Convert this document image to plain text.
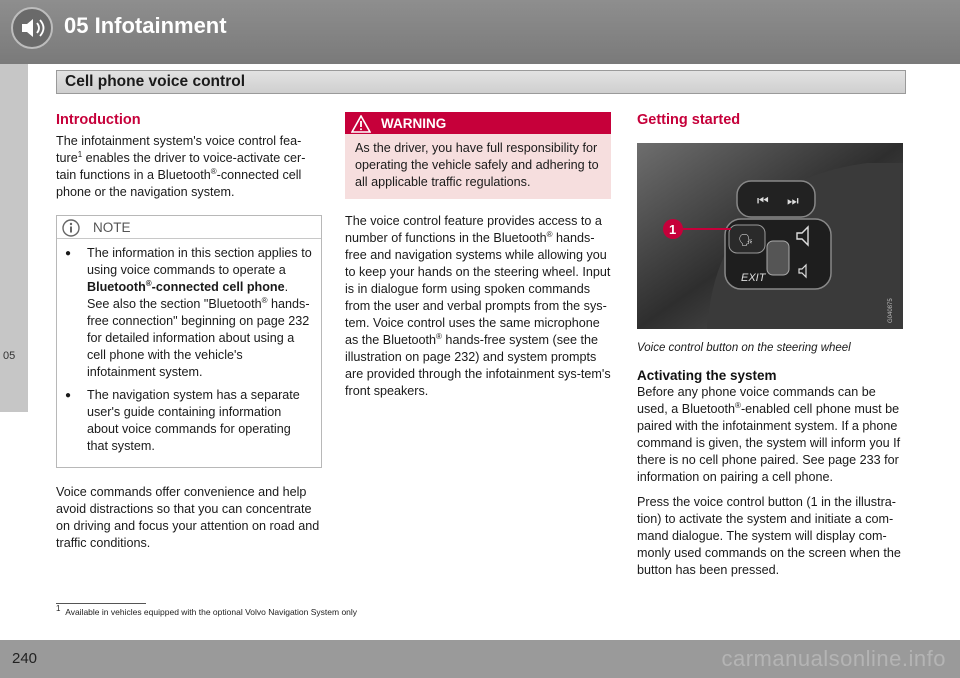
05 Infotainment
Cell phone voice control
05
Introduction

The infotainment system's voice control fea-ture$^1$ enables the driver to voice-activate cer-tain functions in a Bluetooth®-connected cell phone or the navigation system.

NOTE
●	The information in this section applies to using voice commands to operate a Bluetooth®-connected cell phone.
See also the section "Bluetooth® hands-free connection" beginning on page 232 for detailed information about using a cell phone with the vehicle's infotainment system.
●	The navigation system has a separate user's guide containing information about voice commands for operating that system.

Voice commands offer convenience and help avoid distractions so that you can concentrate on driving and focus your attention on road and traffic conditions.

WARNING
As the driver, you have full responsibility for operating the vehicle safely and adhering to all applicable traffic regulations.

The voice control feature provides access to a number of functions in the Bluetooth® hands-free and navigation systems while allowing you to keep your hands on the steering wheel. Input is in dialogue form using spoken commands from the user and verbal prompts from the sys-tem. Voice control uses the same microphone as the Bluetooth® hands-free system (see the illustration on page 232) and system prompts are provided through the infotainment sys-tem's front speakers.

Getting started
⏮ ⏭
🗣
EXIT
1
G040875
Voice control button on the steering wheel
Activating the system

Before any phone voice commands can be used, a Bluetooth®-enabled cell phone must be paired with the infotainment system. If a phone command is given, the system will inform you If there is no cell phone paired. See page 233 for information on pairing a cell phone.

Press the voice control button (1 in the illustra-tion) to activate the system and initiate a com-mand dialogue. The system will display com-monly used commands on the screen when the button has been pressed.

$^1$ Available in vehicles equipped with the optional Volvo Navigation System only
240	carmanualsonline.info
